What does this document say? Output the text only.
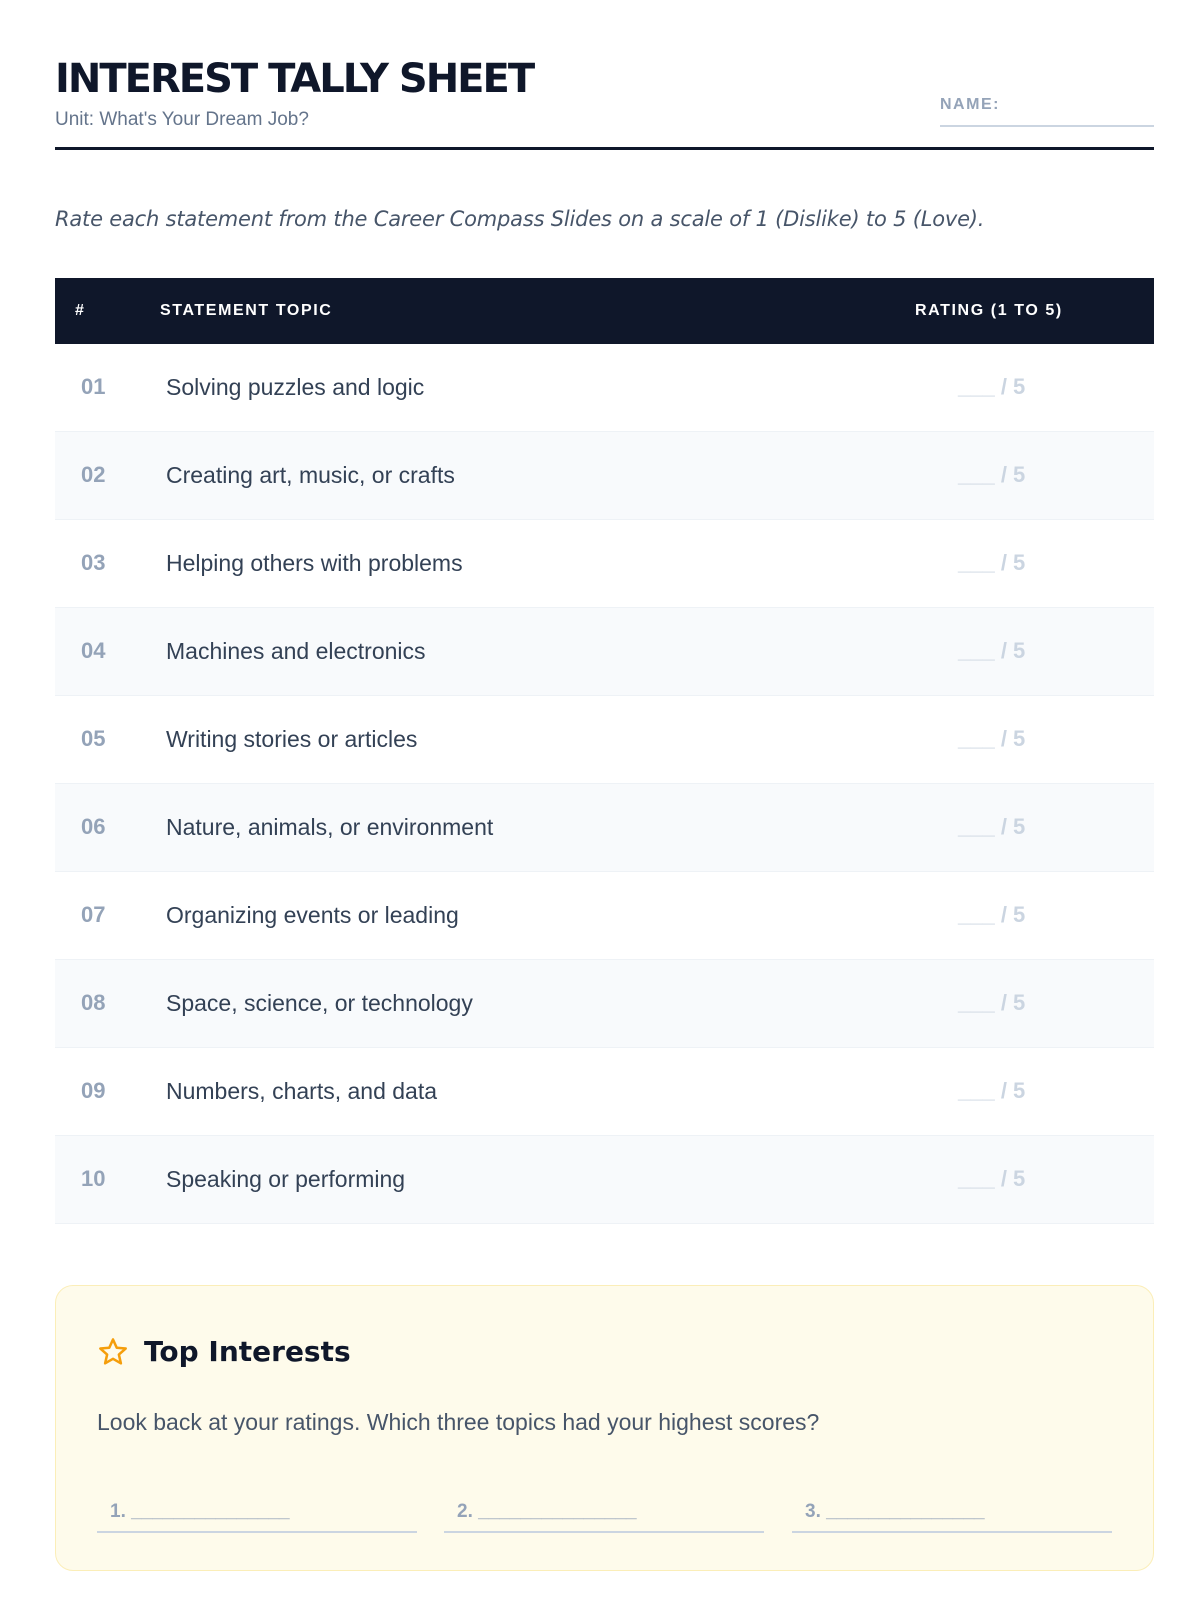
INTEREST TALLY SHEET
Unit: What's Your Dream Job?
NAME:
Rate each statement from the Career Compass Slides on a scale of 1 (Dislike) to 5 (Love).
#	STATEMENT TOPIC	RATING (1 TO 5)
01	Solving puzzles and logic	___ / 5
02	Creating art, music, or crafts	___ / 5
03	Helping others with problems	___ / 5
04	Machines and electronics	___ / 5
05	Writing stories or articles	___ / 5
06	Nature, animals, or environment	___ / 5
07	Organizing events or leading	___ / 5
08	Space, science, or technology	___ / 5
09	Numbers, charts, and data	___ / 5
10	Speaking or performing	___ / 5
Top Interests
Look back at your ratings. Which three topics had your highest scores?
1. _______________	2. _______________	3. _______________
